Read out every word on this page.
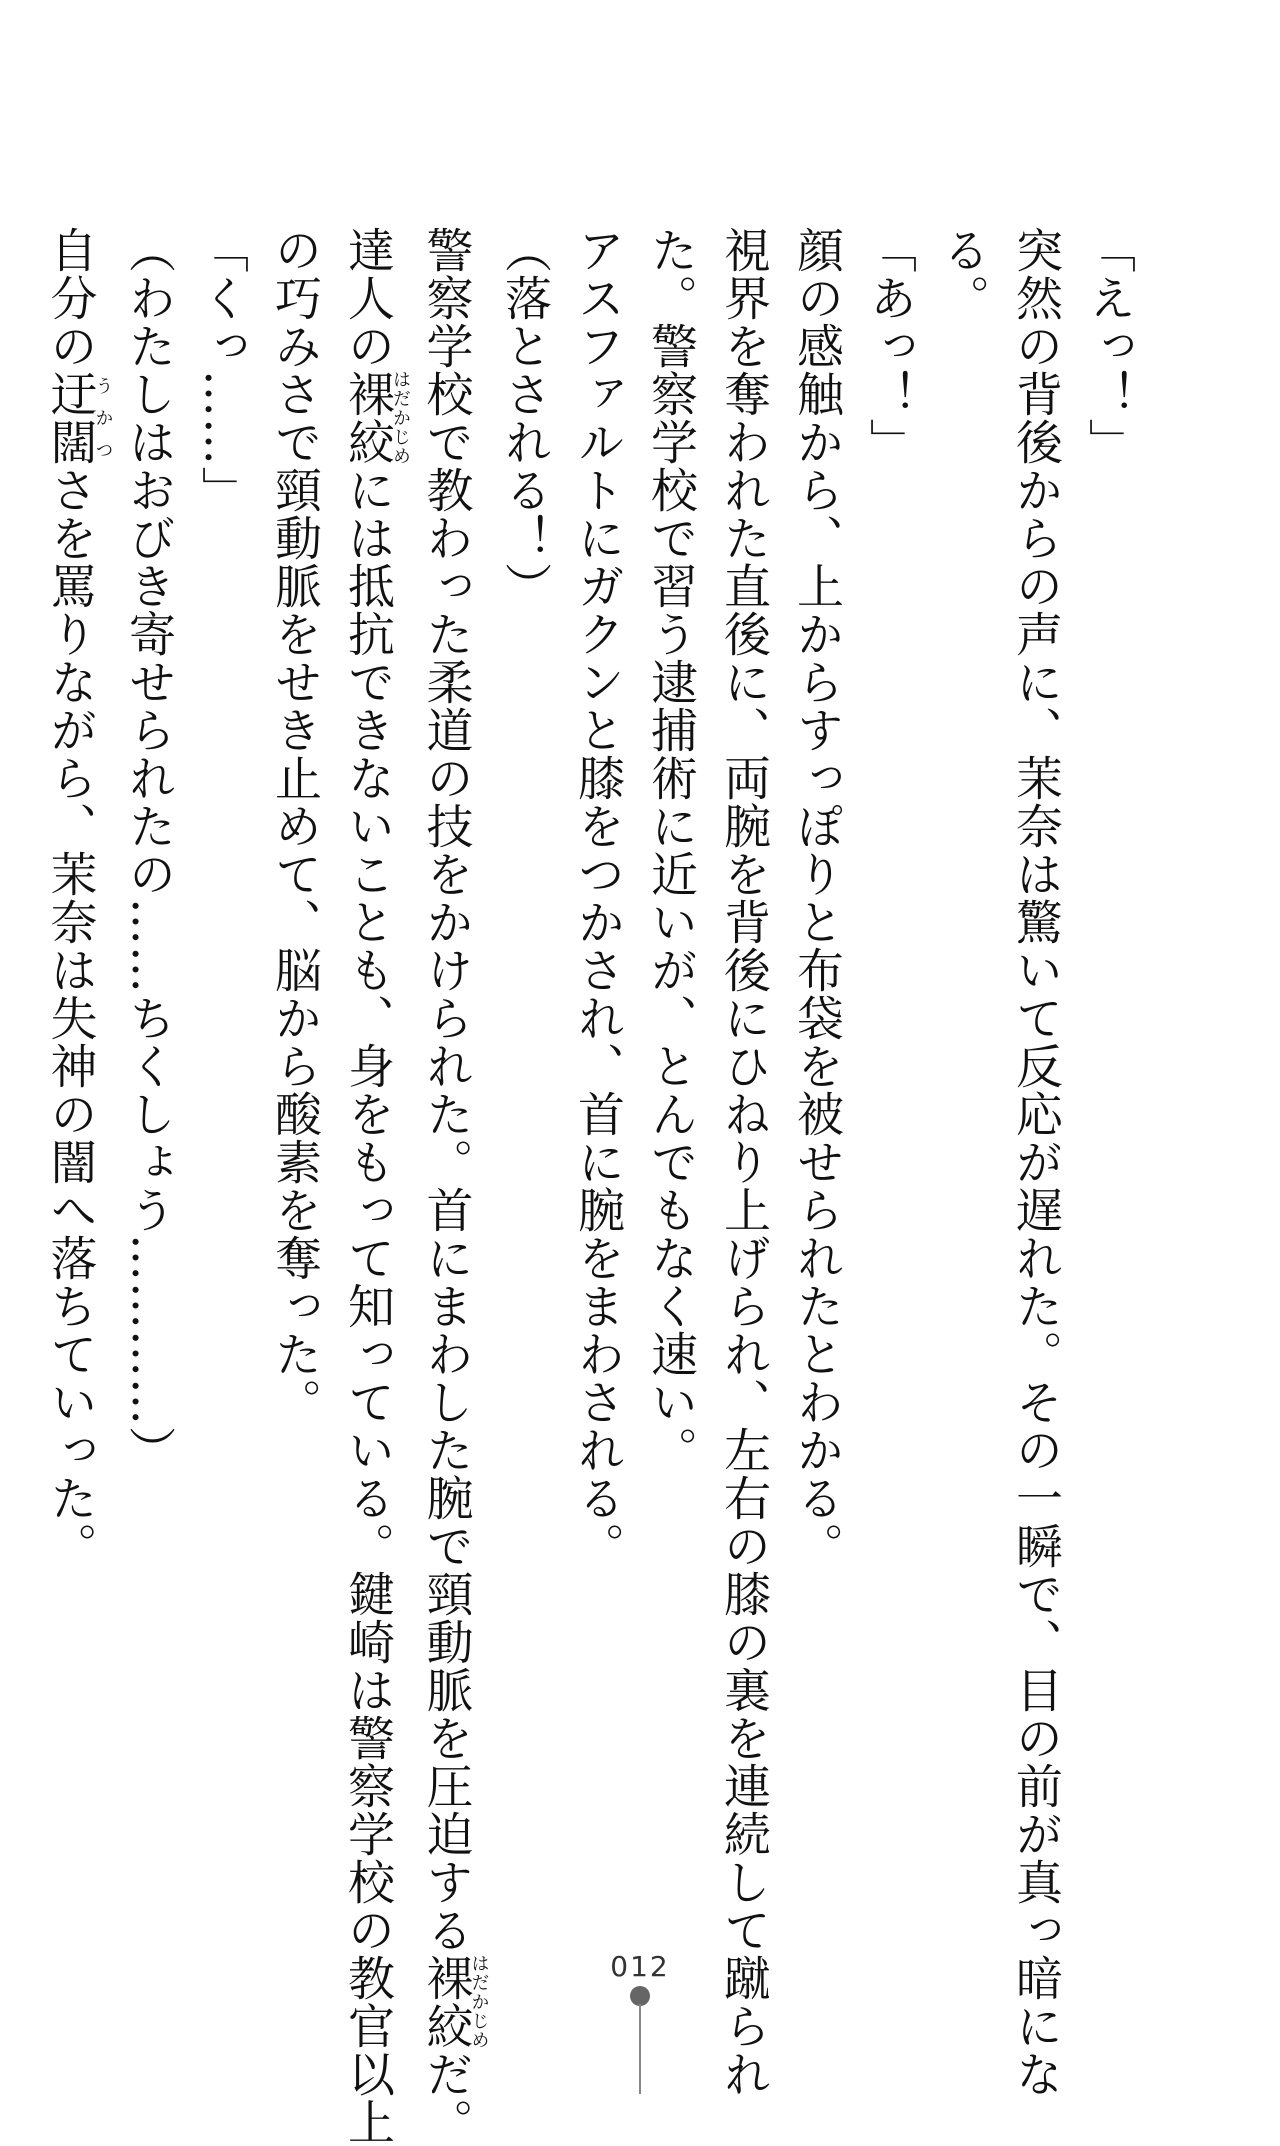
「えっ！」
突然の背後からの声に、茉奈は驚いて反応が遅れた。その一瞬で、目の前が真っ暗にな
る。
「あっ！」
顔の感触から、上からすっぽりと布袋を被せられたとわかる。
視界を奪われた直後に、両腕を背後にひねり上げられ、左右の膝の裏を連続して蹴られ
た。警察学校で習う逮捕術に近いが、とんでもなく速い。
アスファルトにガクンと膝をつかされ、首に腕をまわされる。
（落とされる！）
警察学校で教わった柔道の技をかけられた。首にまわした腕で頸動脈を圧迫する裸絞はだかじめだ。
達人の裸絞はだかじめには抵抗できないことも、身をもって知っている。鍵崎は警察学校の教官以上
の巧みさで頸動脈をせき止めて、脳から酸素を奪った。
「くっ……」
（わたしはおびき寄せられたの……ちくしょう…………）
自分の迂闊うかつさを罵りながら、茉奈は失神の闇へ落ちていった。
012
